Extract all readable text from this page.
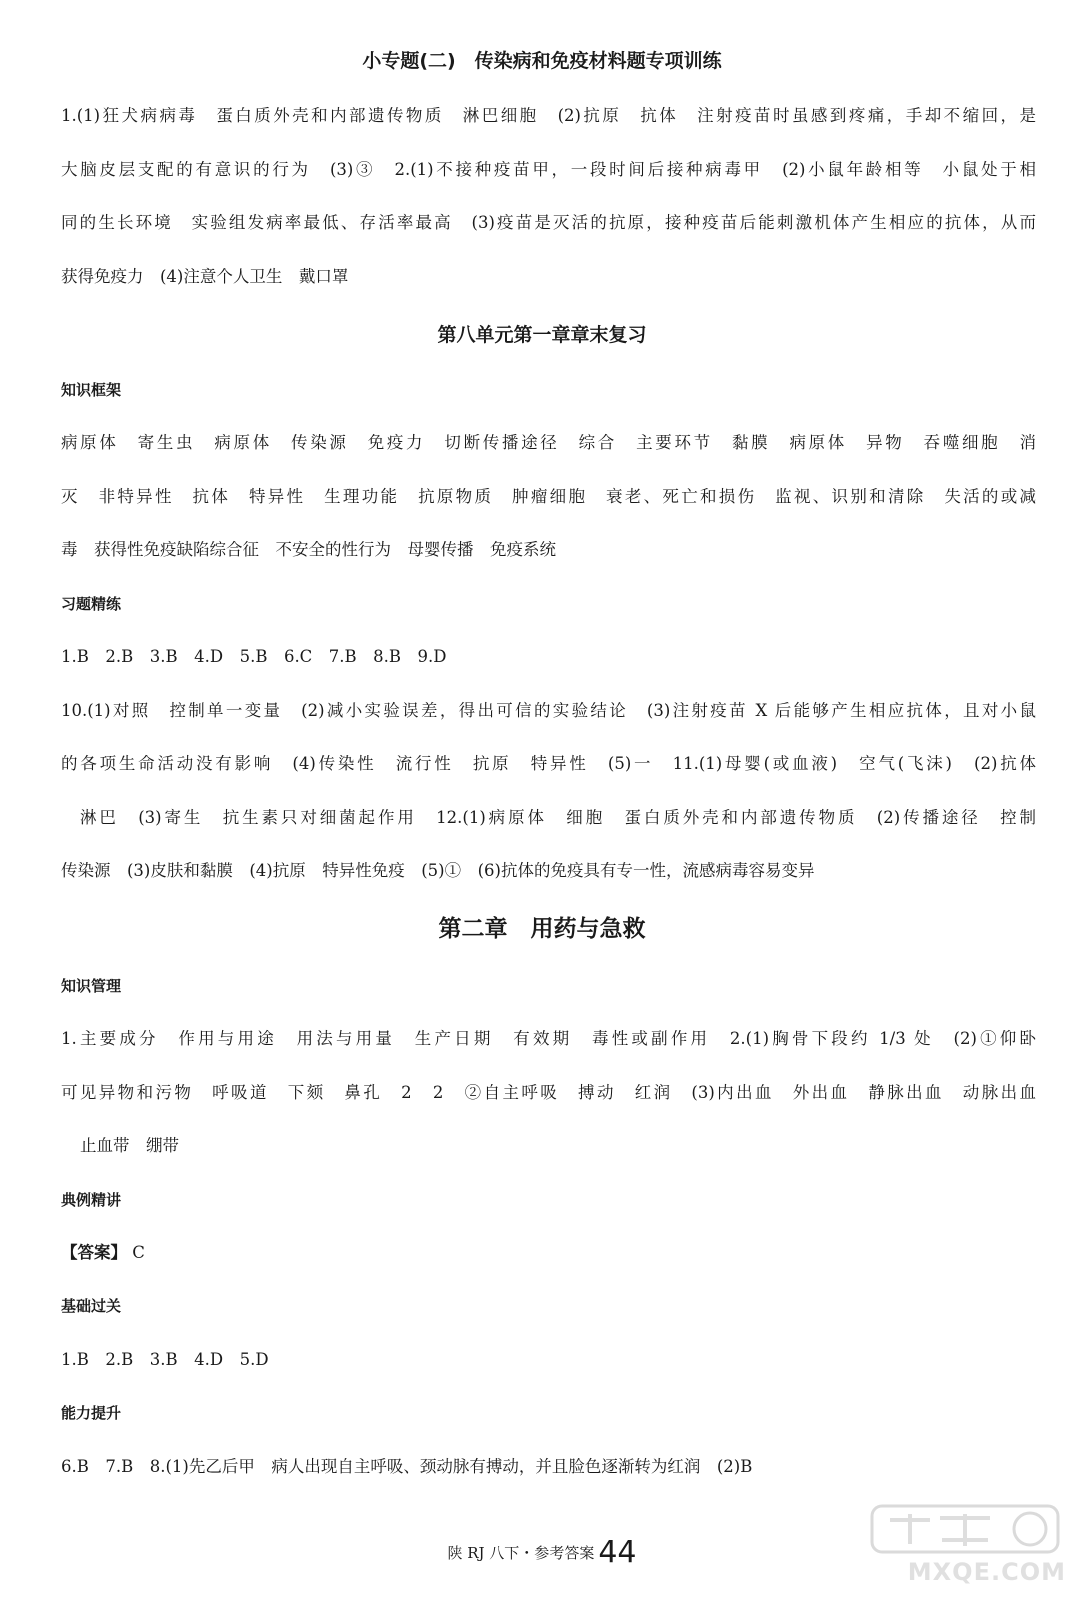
小专题(二)　传染病和免疫材料题专项训练

1.(1)狂犬病病毒　蛋白质外壳和内部遗传物质　淋巴细胞　(2)抗原　抗体　注射疫苗时虽感到疼痛，手却不缩回，是

大脑皮层支配的有意识的行为　(3)③　2.(1)不接种疫苗甲，一段时间后接种病毒甲　(2)小鼠年龄相等　小鼠处于相

同的生长环境　实验组发病率最低、存活率最高　(3)疫苗是灭活的抗原，接种疫苗后能刺激机体产生相应的抗体，从而

获得免疫力　(4)注意个人卫生　戴口罩

第八单元第一章章末复习
知识框架

病原体　寄生虫　病原体　传染源　免疫力　切断传播途径　综合　主要环节　黏膜　病原体　异物　吞噬细胞　消

灭　非特异性　抗体　特异性　生理功能　抗原物质　肿瘤细胞　衰老、死亡和损伤　监视、识别和清除　失活的或减

毒　获得性免疫缺陷综合征　不安全的性行为　母婴传播　免疫系统

习题精练

1.B　2.B　3.B　4.D　5.B　6.C　7.B　8.B　9.D

10.(1)对照　控制单一变量　(2)减小实验误差，得出可信的实验结论　(3)注射疫苗 X 后能够产生相应抗体，且对小鼠

的各项生命活动没有影响　(4)传染性　流行性　抗原　特异性　(5)一　11.(1)母婴(或血液)　空气(飞沫)　(2)抗体

淋巴　(3)寄生　抗生素只对细菌起作用　12.(1)病原体　细胞　蛋白质外壳和内部遗传物质　(2)传播途径　控制

传染源　(3)皮肤和黏膜　(4)抗原　特异性免疫　(5)①　(6)抗体的免疫具有专一性，流感病毒容易变异

第二章　用药与急救
知识管理

1.主要成分　作用与用途　用法与用量　生产日期　有效期　毒性或副作用　2.(1)胸骨下段约 1/3 处　(2)①仰卧

可见异物和污物　呼吸道　下颏　鼻孔　2　2　②自主呼吸　搏动　红润　(3)内出血　外出血　静脉出血　动脉出血

止血带　绷带

典例精讲

【答案】 C

基础过关

1.B　2.B　3.B　4.D　5.D

能力提升

6.B　7.B　8.(1)先乙后甲　病人出现自主呼吸、颈动脉有搏动，并且脸色逐渐转为红润　(2)B

陕 RJ 八下・参考答案 44
MXQE.COM
